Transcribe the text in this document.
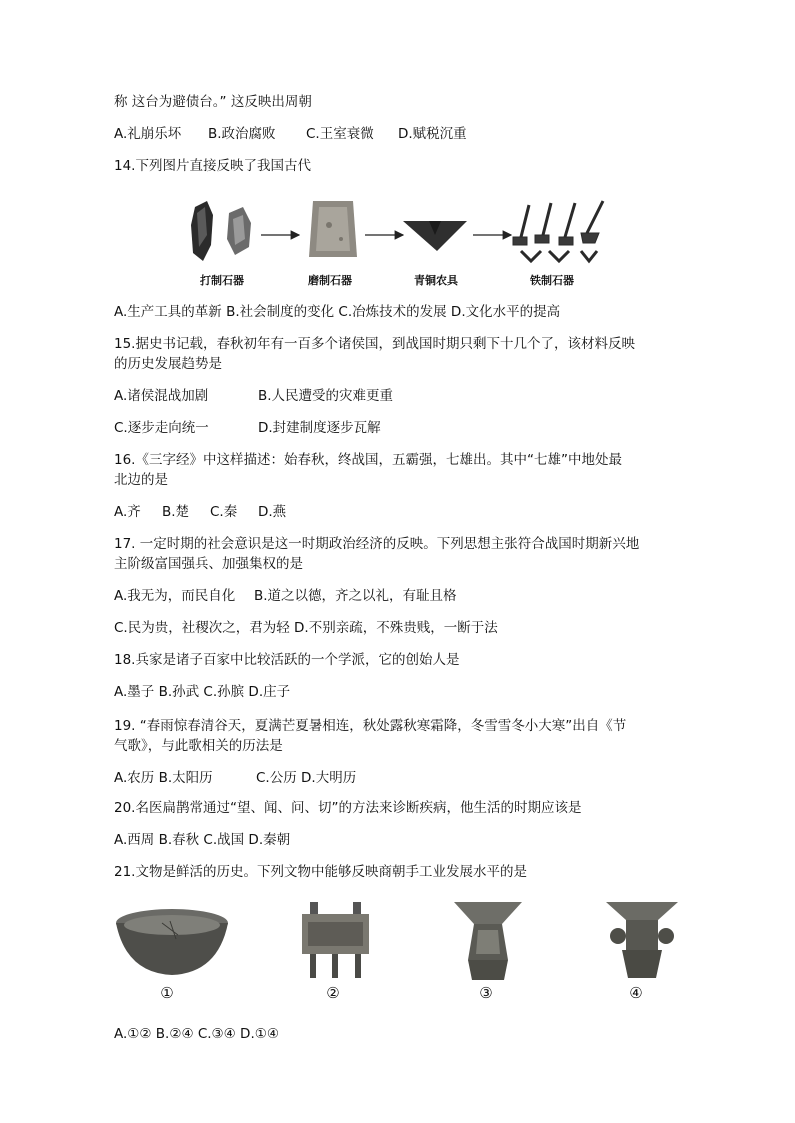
称 这台为避债台。” 这反映出周朝
A.礼崩乐坏 B.政治腐败 C.王室衰微 D.赋税沉重
14.下列图片直接反映了我国古代
打制石器	磨制石器	青铜农具	铁制石器
A.生产工具的革新 B.社会制度的变化 C.冶炼技术的发展 D.文化水平的提高
15.据史书记载，春秋初年有一百多个诸侯国，到战国时期只剩下十几个了，该材料反映
的历史发展趋势是
A.诸侯混战加剧	B.人民遭受的灾难更重
C.逐步走向统一	D.封建制度逐步瓦解
16.《三字经》中这样描述：始春秋，终战国，五霸强，七雄出。其中“七雄”中地处最
北边的是
A.齐 B.楚 C.秦 D.燕
17. 一定时期的社会意识是这一时期政治经济的反映。下列思想主张符合战国时期新兴地
主阶级富国强兵、加强集权的是
A.我无为，而民自化 B.道之以德，齐之以礼，有耻且格
C.民为贵，社稷次之，君为轻 D.不别亲疏，不殊贵贱，一断于法
18.兵家是诸子百家中比较活跃的一个学派，它的创始人是
A.墨子 B.孙武 C.孙膑 D.庄子
19. “春雨惊春清谷天，夏满芒夏暑相连，秋处露秋寒霜降，冬雪雪冬小大寒”出自《节
气歌》，与此歌相关的历法是
A.农历 B.太阳历	C.公历 D.大明历
20.名医扁鹊常通过“望、闻、问、切”的方法来诊断疾病，他生活的时期应该是
A.西周 B.春秋 C.战国 D.秦朝
21.文物是鲜活的历史。下列文物中能够反映商朝手工业发展水平的是
①	②	③	④
A.①② B.②④ C.③④ D.①④
